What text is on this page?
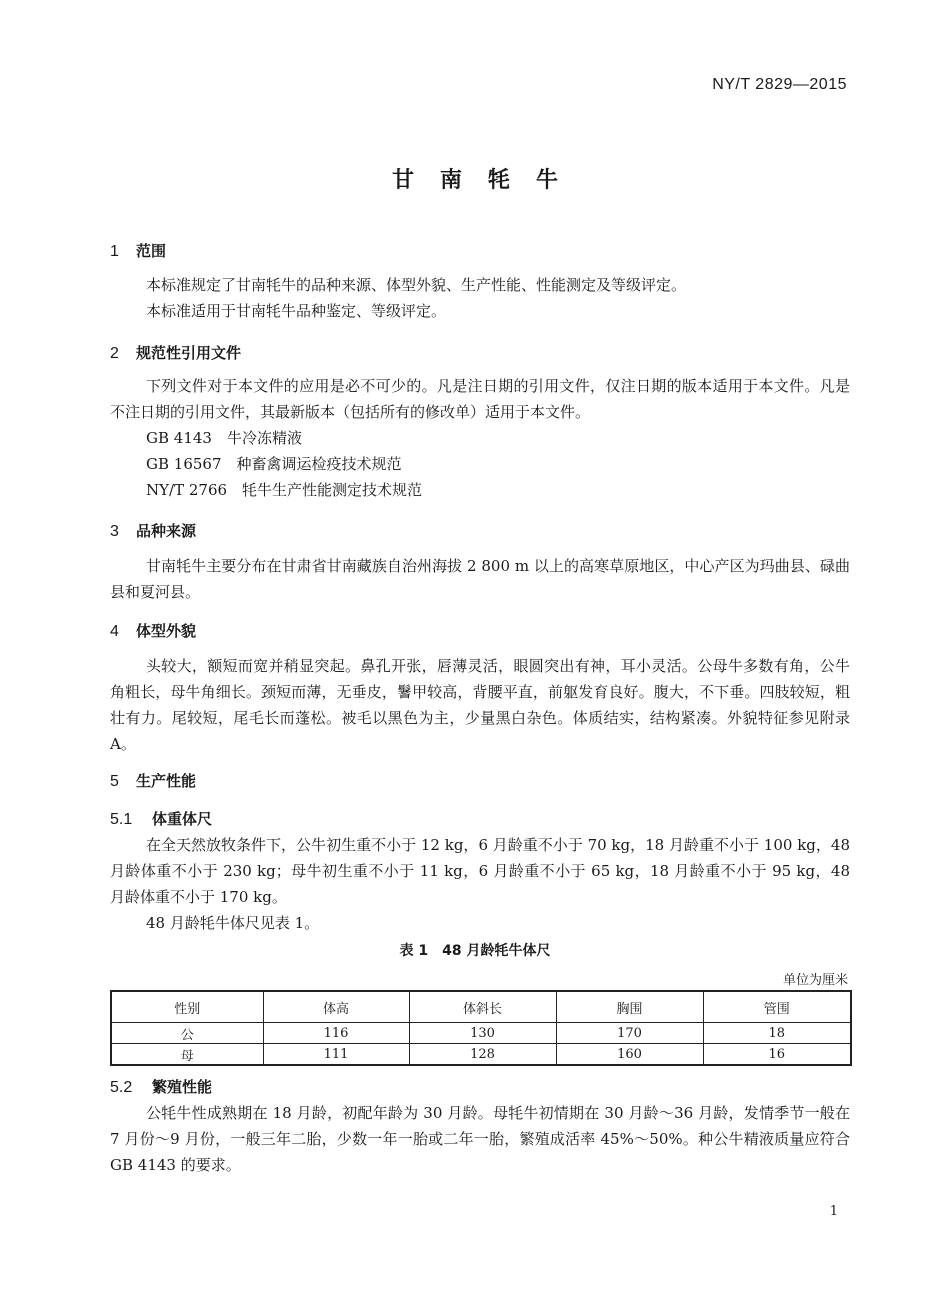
NY/T 2829—2015
甘南牦牛
1 范围
本标准规定了甘南牦牛的品种来源、体型外貌、生产性能、性能测定及等级评定。
本标准适用于甘南牦牛品种鉴定、等级评定。
2 规范性引用文件
下列文件对于本文件的应用是必不可少的。凡是注日期的引用文件，仅注日期的版本适用于本文件。凡是不注日期的引用文件，其最新版本（包括所有的修改单）适用于本文件。
GB 4143　 牛冷冻精液
GB 16567　 种畜禽调运检疫技术规范
NY/T 2766　 牦牛生产性能测定技术规范
3 品种来源
甘南牦牛主要分布在甘肃省甘南藏族自治州海拔 2 800 m 以上的高寒草原地区，中心产区为玛曲县、碌曲县和夏河县。
4 体型外貌
头较大，额短而宽并稍显突起。鼻孔开张，唇薄灵活，眼圆突出有神，耳小灵活。公母牛多数有角，公牛角粗长，母牛角细长。颈短而薄，无垂皮，鬐甲较高，背腰平直，前躯发育良好。腹大，不下垂。四肢较短，粗壮有力。尾较短，尾毛长而蓬松。被毛以黑色为主，少量黑白杂色。体质结实，结构紧凑。外貌特征参见附录 A。
5 生产性能
5.1 体重体尺
在全天然放牧条件下，公牛初生重不小于 12 kg，6 月龄重不小于 70 kg，18 月龄重不小于 100 kg，48 月龄体重不小于 230 kg；母牛初生重不小于 11 kg，6 月龄重不小于 65 kg，18 月龄重不小于 95 kg，48 月龄体重不小于 170 kg。
48 月龄牦牛体尺见表 1。
表 1　48 月龄牦牛体尺
单位为厘米
性别	体高	体斜长	胸围	管围
公	116	130	170	18
母	111	128	160	16
5.2 繁殖性能
公牦牛性成熟期在 18 月龄，初配年龄为 30 月龄。母牦牛初情期在 30 月龄～36 月龄，发情季节一般在 7 月份～9 月份，一般三年二胎，少数一年一胎或二年一胎，繁殖成活率 45%～50%。种公牛精液质量应符合 GB 4143 的要求。
1
